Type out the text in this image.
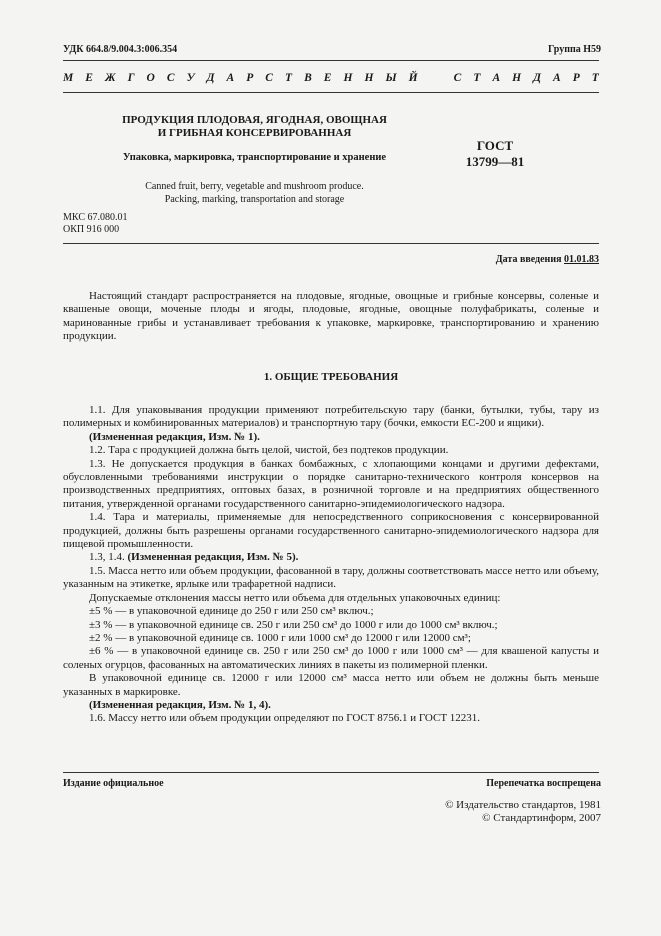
УДК 664.8/9.004.3:006.354	Группа Н59
М Е Ж Г О С У Д А Р С Т В Е Н Н Ы Й	С Т А Н Д А Р Т
ПРОДУКЦИЯ ПЛОДОВАЯ, ЯГОДНАЯ, ОВОЩНАЯ
И ГРИБНАЯ КОНСЕРВИРОВАННАЯ
Упаковка, маркировка, транспортирование и хранение
ГОСТ
13799—81
Canned fruit, berry, vegetable and mushroom produce.
Packing, marking, transportation and storage
МКС 67.080.01
ОКП 916 000
Дата введения 01.01.83

Настоящий стандарт распространяется на плодовые, ягодные, овощные и грибные консервы, соленые и квашеные овощи, моченые плоды и ягоды, плодовые, ягодные, овощные полуфабрикаты, соленые и маринованные грибы и устанавливает требования к упаковке, маркировке, транспортированию и хранению продукции.

1. ОБЩИЕ ТРЕБОВАНИЯ

1.1. Для упаковывания продукции применяют потребительскую тару (банки, бутылки, тубы, тару из полимерных и комбинированных материалов) и транспортную тару (бочки, емкости ЕС-200 и ящики).

(Измененная редакция, Изм. № 1).

1.2. Тара с продукцией должна быть целой, чистой, без подтеков продукции.

1.3. Не допускается продукция в банках бомбажных, с хлопающими концами и другими дефектами, обусловленными требованиями инструкции о порядке санитарно-технического контроля консервов на производственных предприятиях, оптовых базах, в розничной торговле и на предприятиях общественного питания, утвержденной органами государственного санитарно-эпидемиологического надзора.

1.4. Тара и материалы, применяемые для непосредственного соприкосновения с консервированной продукцией, должны быть разрешены органами государственного санитарно-эпидемиологического надзора для пищевой промышленности.

1.3, 1.4. (Измененная редакция, Изм. № 5).

1.5. Масса нетто или объем продукции, фасованной в тару, должны соответствовать массе нетто или объему, указанным на этикетке, ярлыке или трафаретной надписи.

Допускаемые отклонения массы нетто или объема для отдельных упаковочных единиц:

±5 % — в упаковочной единице до 250 г или 250 см³ включ.;

±3 % — в упаковочной единице св. 250 г или 250 см³ до 1000 г или до 1000 см³ включ.;

±2 % — в упаковочной единице св. 1000 г или 1000 см³ до 12000 г или 12000 см³;

±6 % — в упаковочной единице св. 250 г или 250 см³ до 1000 г или 1000 см³ — для квашеной капусты и соленых огурцов, фасованных на автоматических линиях в пакеты из полимерной пленки.

В упаковочной единице св. 12000 г или 12000 см³ масса нетто или объем не должны быть меньше указанных в маркировке.

(Измененная редакция, Изм. № 1, 4).

1.6. Массу нетто или объем продукции определяют по ГОСТ 8756.1 и ГОСТ 12231.

Издание официальное	Перепечатка воспрещена
© Издательство стандартов, 1981
© Стандартинформ, 2007
